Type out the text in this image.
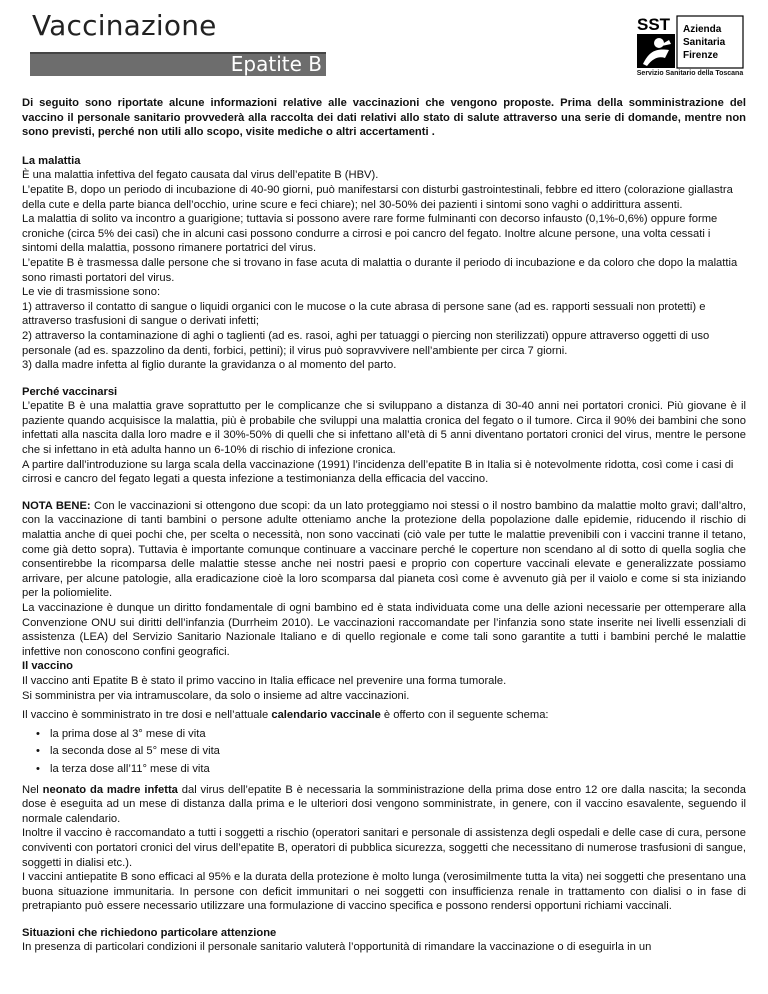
Vaccinazione
Epatite B
SST Azienda
Sanitaria
Firenze
Servizio Sanitario della Toscana

Di seguito sono riportate alcune informazioni relative alle vaccinazioni che vengono proposte. Prima della somministrazione del vaccino il personale sanitario provvederà alla raccolta dei dati relativi allo stato di salute attraverso una serie di domande, mentre non sono previsti, perché non utili allo scopo, visite mediche o altri accertamenti .

La malattia

È una malattia infettiva del fegato causata dal virus dell’epatite B (HBV).

L’epatite B, dopo un periodo di incubazione di 40-90 giorni, può manifestarsi con disturbi gastrointestinali, febbre ed ittero (colorazione giallastra della cute e della parte bianca dell’occhio, urine scure e feci chiare); nel 30-50% dei pazienti i sintomi sono vaghi o addirittura assenti.

La malattia di solito va incontro a guarigione; tuttavia si possono avere rare forme fulminanti con decorso infausto (0,1%-0,6%) oppure forme croniche (circa 5% dei casi) che in alcuni casi possono condurre a cirrosi e poi cancro del fegato. Inoltre alcune persone, una volta cessati i sintomi della malattia, possono rimanere portatrici del virus.

L’epatite B è trasmessa dalle persone che si trovano in fase acuta di malattia o durante il periodo di incubazione e da coloro che dopo la malattia sono rimasti portatori del virus.

Le vie di trasmissione sono:

1) attraverso il contatto di sangue o liquidi organici con le mucose o la cute abrasa di persone sane (ad es. rapporti sessuali non protetti) e attraverso trasfusioni di sangue o derivati infetti;

2) attraverso la contaminazione di aghi o taglienti (ad es. rasoi, aghi per tatuaggi o piercing non sterilizzati) oppure attraverso oggetti di uso personale (ad es. spazzolino da denti, forbici, pettini); il virus può sopravvivere nell’ambiente per circa 7 giorni.

3) dalla madre infetta al figlio durante la gravidanza o al momento del parto.

Perché vaccinarsi

L’epatite B è una malattia grave soprattutto per le complicanze che si sviluppano a distanza di 30-40 anni nei portatori cronici. Più giovane è il paziente quando acquisisce la malattia, più è probabile che sviluppi una malattia cronica del fegato o il tumore. Circa il 90% dei bambini che sono infettati alla nascita dalla loro madre e il 30%-50% di quelli che si infettano all’età di 5 anni diventano portatori cronici del virus, mentre le persone che si infettano in età adulta hanno un 6-10% di rischio di infezione cronica.

A partire dall’introduzione su larga scala della vaccinazione (1991) l’incidenza dell’epatite B in Italia si è notevolmente ridotta, così come i casi di cirrosi e cancro del fegato legati a questa infezione a testimonianza della efficacia del vaccino.

NOTA BENE: Con le vaccinazioni si ottengono due scopi: da un lato proteggiamo noi stessi o il nostro bambino da malattie molto gravi; dall’altro, con la vaccinazione di tanti bambini o persone adulte otteniamo anche la protezione della popolazione dalle epidemie, riducendo il rischio di malattia anche di quei pochi che, per scelta o necessità, non sono vaccinati (ciò vale per tutte le malattie prevenibili con i vaccini tranne il tetano, come già detto sopra). Tuttavia è importante comunque continuare a vaccinare perché le coperture non scendano al di sotto di quella soglia che consentirebbe la ricomparsa delle malattie stesse anche nei nostri paesi e proprio con coperture vaccinali elevate e generalizzate possiamo arrivare, per alcune patologie, alla eradicazione cioè la loro scomparsa dal pianeta così come è avvenuto già per il vaiolo e come si sta iniziando per la poliomielite.

La vaccinazione è dunque un diritto fondamentale di ogni bambino ed è stata individuata come una delle azioni necessarie per ottemperare alla Convenzione ONU sui diritti dell’infanzia (Durrheim 2010). Le vaccinazioni raccomandate per l’infanzia sono state inserite nei livelli essenziali di assistenza (LEA) del Servizio Sanitario Nazionale Italiano e di quello regionale e come tali sono garantite a tutti i bambini perché le malattie infettive non conoscono confini geografici.

Il vaccino

Il vaccino anti Epatite B è stato il primo vaccino in Italia efficace nel prevenire una forma tumorale.

Si somministra per via intramuscolare, da solo o insieme ad altre vaccinazioni.

Il vaccino è somministrato in tre dosi e nell’attuale calendario vaccinale è offerto con il seguente schema:

• la prima dose al 3° mese di vita
• la seconda dose al 5° mese di vita
• la terza dose all’11° mese di vita

Nel neonato da madre infetta dal virus dell’epatite B è necessaria la somministrazione della prima dose entro 12 ore dalla nascita; la seconda dose è eseguita ad un mese di distanza dalla prima e le ulteriori dosi vengono somministrate, in genere, con il vaccino esavalente, seguendo il normale calendario.

Inoltre il vaccino è raccomandato a tutti i soggetti a rischio (operatori sanitari e personale di assistenza degli ospedali e delle case di cura, persone conviventi con portatori cronici del virus dell’epatite B, operatori di pubblica sicurezza, soggetti che necessitano di numerose trasfusioni di sangue, soggetti in dialisi etc.).

I vaccini antiepatite B sono efficaci al 95% e la durata della protezione è molto lunga (verosimilmente tutta la vita) nei soggetti che presentano una buona situazione immunitaria. In persone con deficit immunitari o nei soggetti con insufficienza renale in trattamento con dialisi o in fase di pretrapianto può essere necessario utilizzare una formulazione di vaccino specifica e possono rendersi opportuni richiami vaccinali.

Situazioni che richiedono particolare attenzione

In presenza di particolari condizioni il personale sanitario valuterà l’opportunità di rimandare la vaccinazione o di eseguirla in un
